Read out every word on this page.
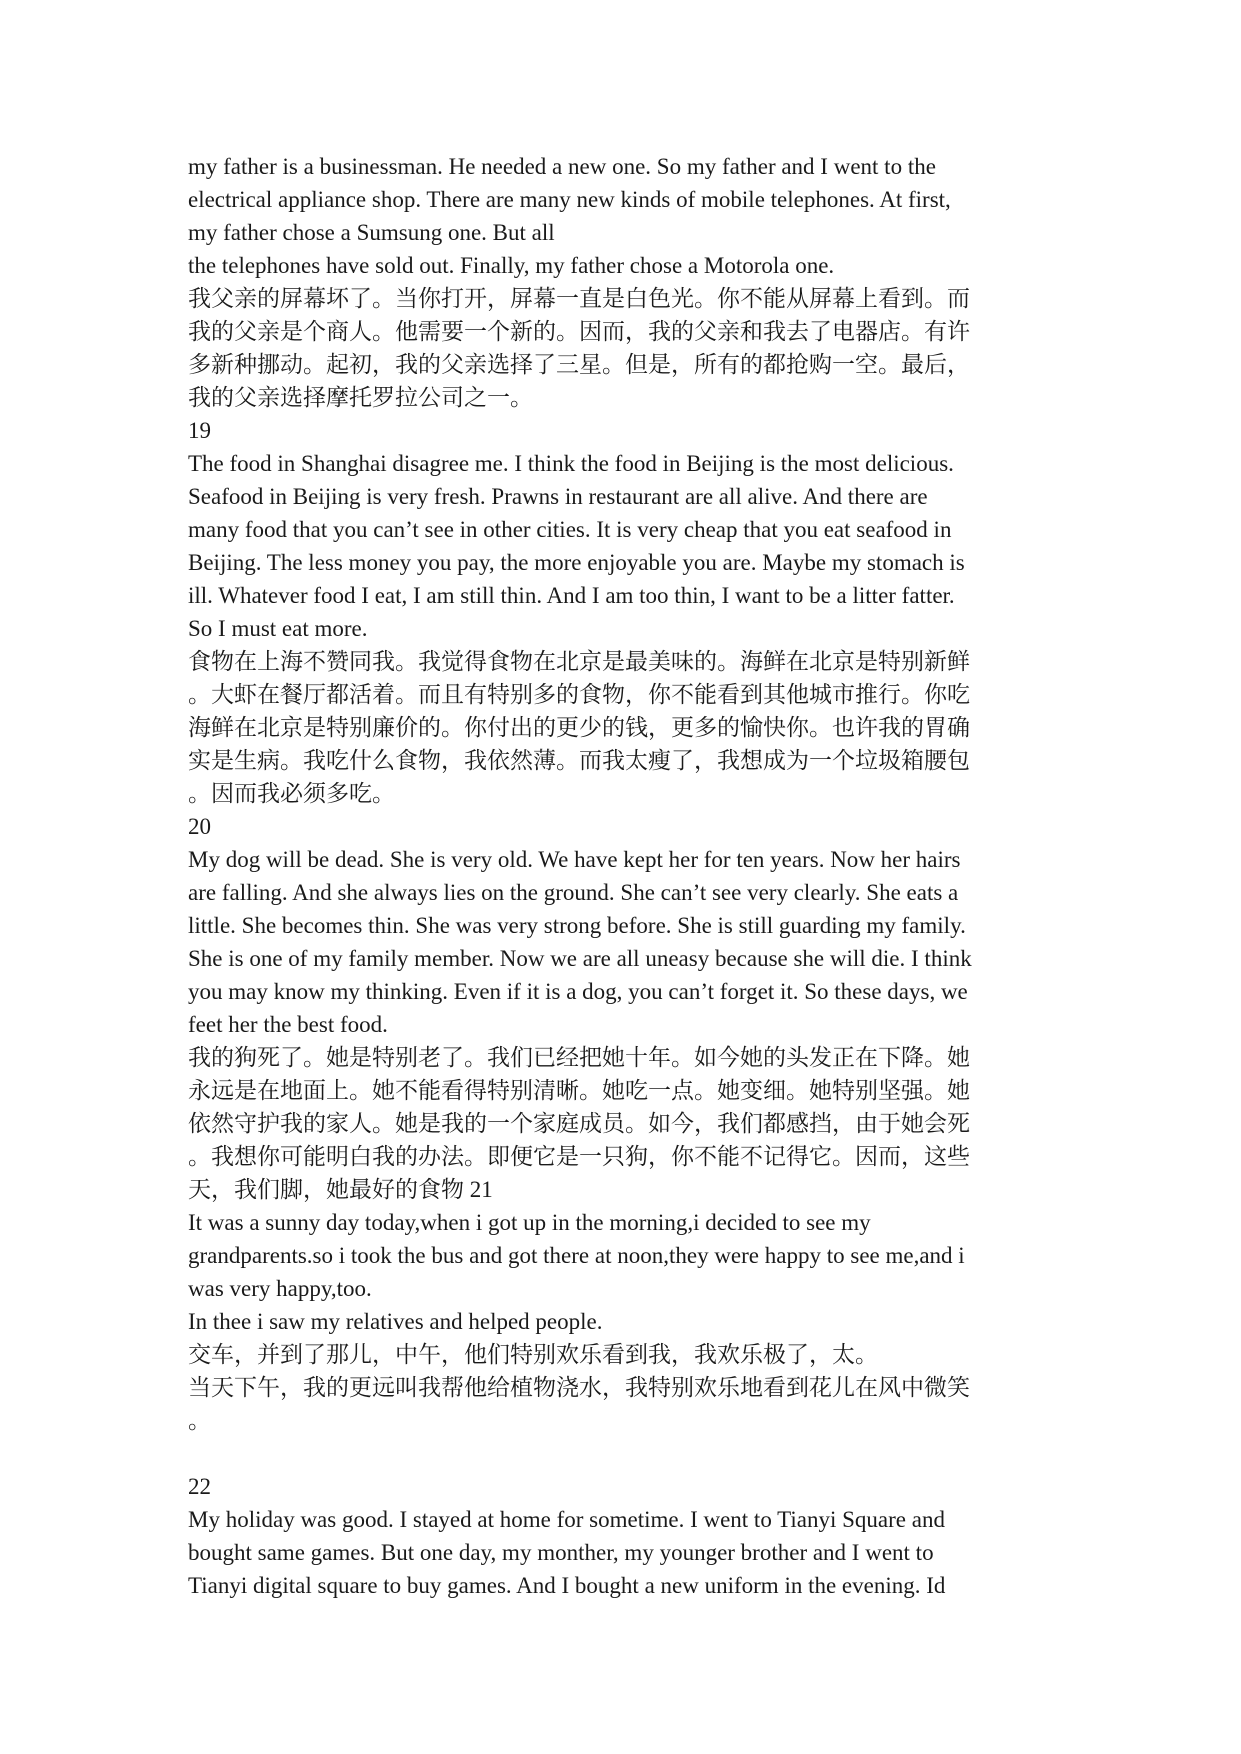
my father is a businessman. He needed a new one. So my father and I went to the
electrical appliance shop. There are many new kinds of mobile telephones. At first,
my father chose a Sumsung one. But all
the telephones have sold out. Finally, my father chose a Motorola one.
我父亲的屏幕坏了。当你打开，屏幕一直是白色光。你不能从屏幕上看到。而
我的父亲是个商人。他需要一个新的。因而，我的父亲和我去了电器店。有许
多新种挪动。起初，我的父亲选择了三星。但是，所有的都抢购一空。最后，
我的父亲选择摩托罗拉公司之一。
19
The food in Shanghai disagree me. I think the food in Beijing is the most delicious.
Seafood in Beijing is very fresh. Prawns in restaurant are all alive. And there are
many food that you can’t see in other cities. It is very cheap that you eat seafood in
Beijing. The less money you pay, the more enjoyable you are. Maybe my stomach is
ill. Whatever food I eat, I am still thin. And I am too thin, I want to be a litter fatter.
So I must eat more.
食物在上海不赞同我。我觉得食物在北京是最美味的。海鲜在北京是特别新鲜
。大虾在餐厅都活着。而且有特别多的食物，你不能看到其他城市推行。你吃
海鲜在北京是特别廉价的。你付出的更少的钱，更多的愉快你。也许我的胃确
实是生病。我吃什么食物，我依然薄。而我太瘦了，我想成为一个垃圾箱腰包
。因而我必须多吃。
20
My dog will be dead. She is very old. We have kept her for ten years. Now her hairs
are falling. And she always lies on the ground. She can’t see very clearly. She eats a
little. She becomes thin. She was very strong before. She is still guarding my family.
She is one of my family member. Now we are all uneasy because she will die. I think
you may know my thinking. Even if it is a dog, you can’t forget it. So these days, we
feet her the best food.
我的狗死了。她是特别老了。我们已经把她十年。如今她的头发正在下降。她
永远是在地面上。她不能看得特别清晰。她吃一点。她变细。她特别坚强。她
依然守护我的家人。她是我的一个家庭成员。如今，我们都感挡，由于她会死
。我想你可能明白我的办法。即便它是一只狗，你不能不记得它。因而，这些
天，我们脚，她最好的食物 21
It was a sunny day today,when i got up in the morning,i decided to see my
grandparents.so i took the bus and got there at noon,they were happy to see me,and i
was very happy,too.
In thee i saw my relatives and helped people.
交车，并到了那儿，中午，他们特别欢乐看到我，我欢乐极了，太。
当天下午，我的更远叫我帮他给植物浇水，我特别欢乐地看到花儿在风中微笑
。
22
My holiday was good. I stayed at home for sometime. I went to Tianyi Square and
bought same games. But one day, my monther, my younger brother and I went to
Tianyi digital square to buy games. And I bought a new uniform in the evening. Id
